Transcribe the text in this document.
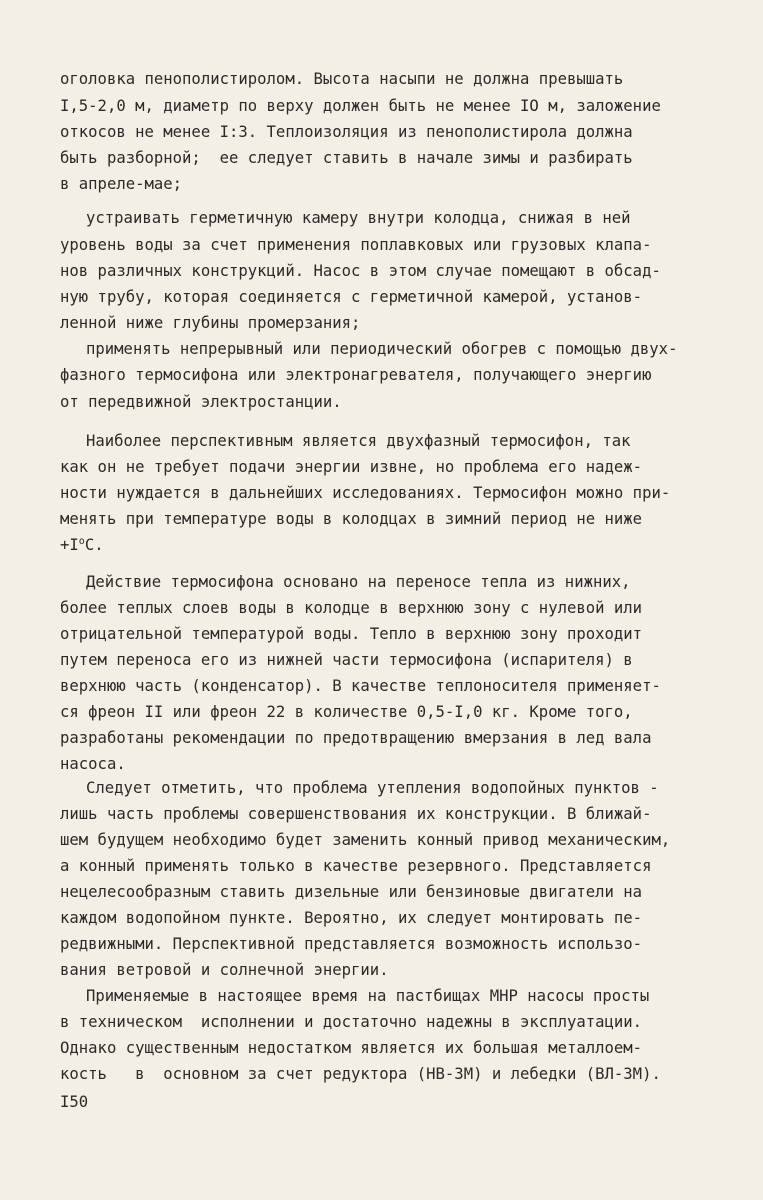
оголовка пенополистиролом. Высота насыпи не должна превышать
I,5-2,0 м, диаметр по верху должен быть не менее IO м, заложение
откосов не менее I:3. Теплоизоляция из пенополистирола должна
быть разборной;  ее следует ставить в начале зимы и разбирать
в апреле-мае;
устраивать герметичную камеру внутри колодца, снижая в ней
уровень воды за счет применения поплавковых или грузовых клапа-
нов различных конструкций. Насос в этом случае помещают в обсад-
ную трубу, которая соединяется с герметичной камерой, установ-
ленной ниже глубины промерзания;
применять непрерывный или периодический обогрев с помощью двух-
фазного термосифона или электронагревателя, получающего энергию
от передвижной электростанции.
Наиболее перспективным является двухфазный термосифон, так
как он не требует подачи энергии извне, но проблема его надеж-
ности нуждается в дальнейших исследованиях. Термосифон можно при-
менять при температуре воды в колодцах в зимний период не ниже
$+I^оС$.
Действие термосифона основано на переносе тепла из нижних,
более теплых слоев воды в колодце в верхнюю зону с нулевой или
отрицательной температурой воды. Тепло в верхнюю зону проходит
путем переноса его из нижней части термосифона (испарителя) в
верхнюю часть (конденсатор). В качестве теплоносителя применяет-
ся фреон II или фреон 22 в количестве 0,5-I,0 кг. Кроме того,
разработаны рекомендации по предотвращению вмерзания в лед вала
насоса.
Следует отметить, что проблема утепления водопойных пунктов -
лишь часть проблемы совершенствования их конструкции. В ближай-
шем будущем необходимо будет заменить конный привод механическим,
а конный применять только в качестве резервного. Представляется
нецелесообразным ставить дизельные или бензиновые двигатели на
каждом водопойном пункте. Вероятно, их следует монтировать пе-
редвижными. Перспективной представляется возможность использо-
вания ветровой и солнечной энергии.
Применяемые в настоящее время на пастбищах МНР насосы просты
в техническом  исполнении и достаточно надежны в эксплуатации.
Однако существенным недостатком является их большая металлоем-
кость   в  основном за счет редуктора (НВ-3М) и лебедки (ВЛ-3М).
I50
